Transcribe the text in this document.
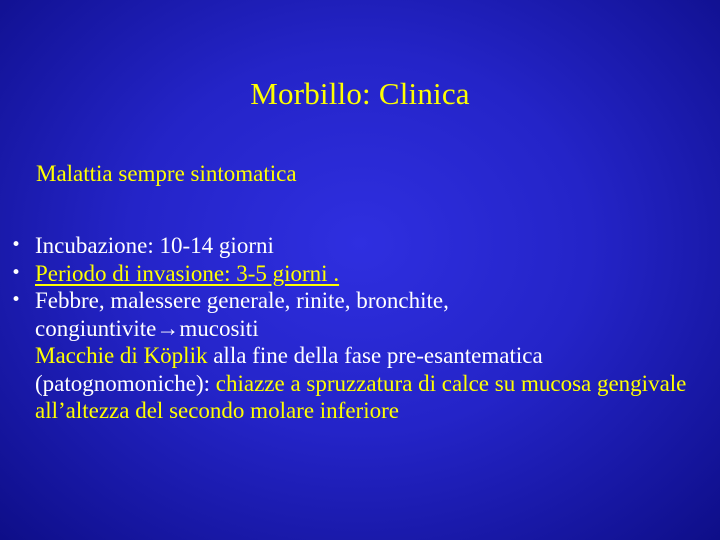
Morbillo: Clinica
Malattia sempre sintomatica
• Incubazione: 10-14 giorni
• Periodo di invasione: 3-5 giorni .
• Febbre, malessere generale, rinite, bronchite,
congiuntivite→mucositi
Macchie di Köplik alla fine della fase pre-esantematica (patognomoniche): chiazze a spruzzatura di calce su mucosa gengivale all’altezza del secondo molare inferiore
